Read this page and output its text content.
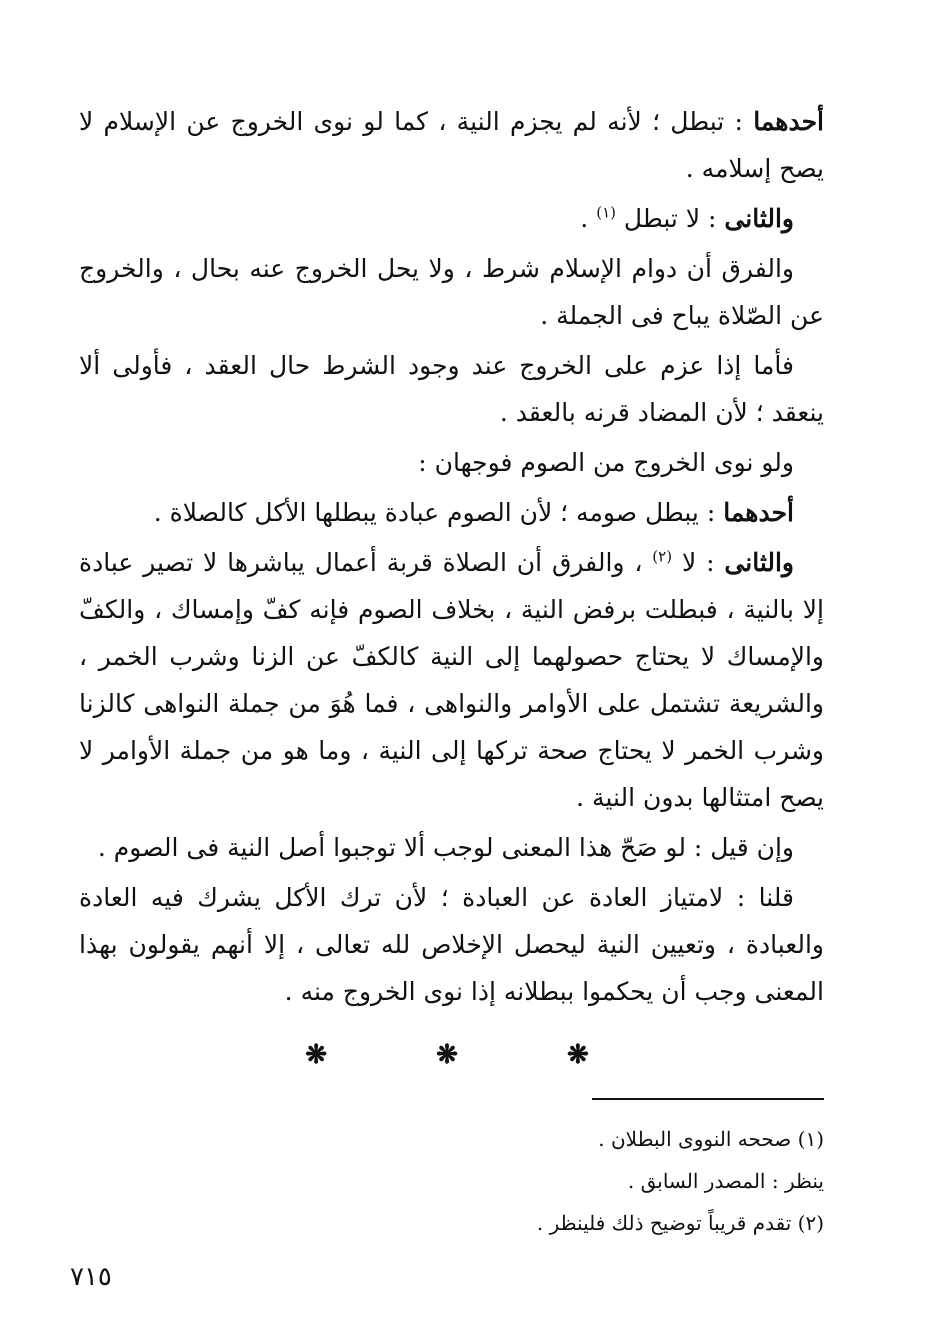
أحدهما : تبطل ؛ لأنه لم يجزم النية ، كما لو نوى الخروج عن الإسلام لا يصح إسلامه .

والثانى : لا تبطل $^{(١)}$ .

والفرق أن دوام الإسلام شرط ، ولا يحل الخروج عنه بحال ، والخروج عن الصّلاة يباح فى الجملة .

فأما إذا عزم على الخروج عند وجود الشرط حال العقد ، فأولى ألا ينعقد ؛ لأن المضاد قرنه بالعقد .

ولو نوى الخروج من الصوم فوجهان :

أحدهما : يبطل صومه ؛ لأن الصوم عبادة يبطلها الأكل كالصلاة .

والثانى : لا $^{(٢)}$ ، والفرق أن الصلاة قربة أعمال يباشرها لا تصير عبادة إلا بالنية ، فبطلت برفض النية ، بخلاف الصوم فإنه كفّ وإمساك ، والكفّ والإمساك لا يحتاج حصولهما إلى النية كالكفّ عن الزنا وشرب الخمر ، والشريعة تشتمل على الأوامر والنواهى ، فما هُوَ من جملة النواهى كالزنا وشرب الخمر لا يحتاج صحة تركها إلى النية ، وما هو من جملة الأوامر لا يصح امتثالها بدون النية .

وإن قيل : لو صَحّ هذا المعنى لوجب ألا توجبوا أصل النية فى الصوم .

قلنا : لامتياز العادة عن العبادة ؛ لأن ترك الأكل يشرك فيه العادة والعبادة ، وتعيين النية ليحصل الإخلاص لله تعالى ، إلا أنهم يقولون بهذا المعنى وجب أن يحكموا ببطلانه إذا نوى الخروج منه .

❋ ❋ ❋
(١) صححه النووى البطلان .
ينظر : المصدر السابق .
(٢) تقدم قريباً توضيح ذلك فلينظر .
٧١٥
